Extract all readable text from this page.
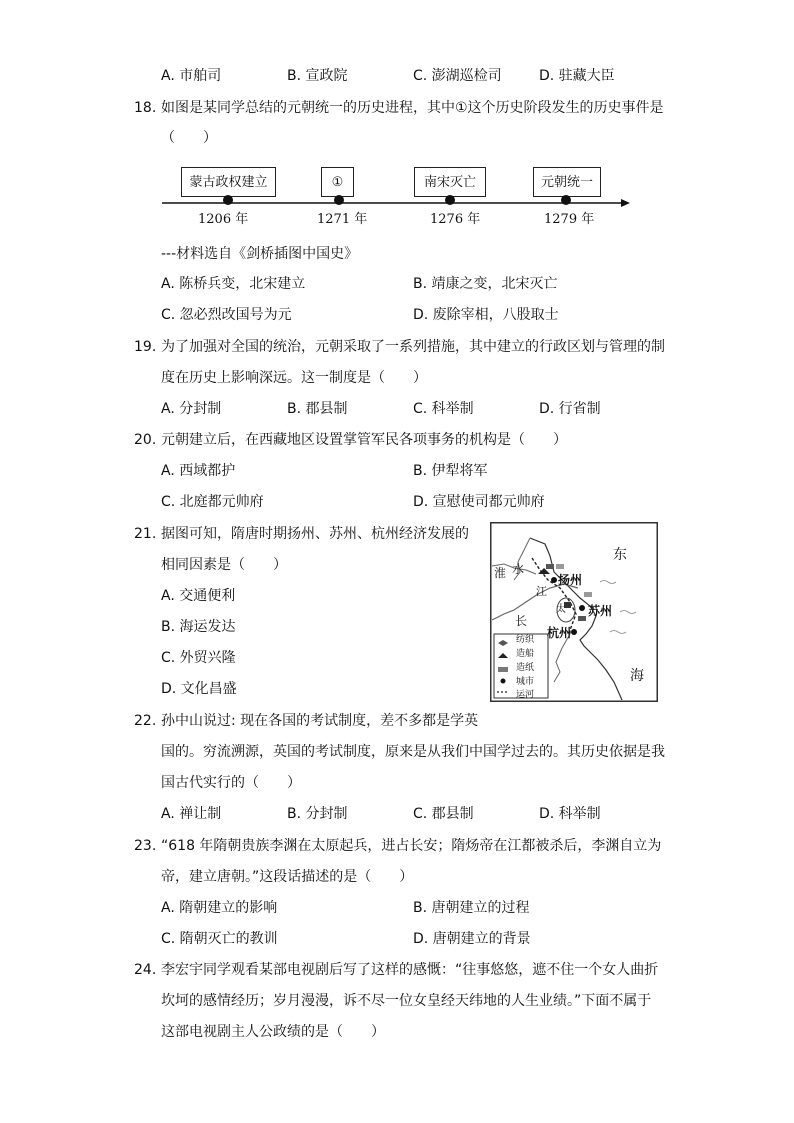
A. 市舶司	B. 宣政院	C. 澎湖巡检司	D. 驻藏大臣
18. 如图是某同学总结的元朝统一的历史进程，其中①这个历史阶段发生的历史事件是
（　　）
蒙古政权建立	①	南宋灭亡	元朝统一
1206 年	1271 年	1276 年	1279 年
---材料选自《剑桥插图中国史》
A. 陈桥兵变，北宋建立	B. 靖康之变，北宋灭亡
C. 忽必烈改国号为元	D. 废除宰相，八股取士
19. 为了加强对全国的统治，元朝采取了一系列措施，其中建立的行政区划与管理的制
度在历史上影响深远。这一制度是（　　）
A. 分封制	B. 郡县制	C. 科举制	D. 行省制
20. 元朝建立后，在西藏地区设置掌管军民各项事务的机构是（　　）
A. 西域都护	B. 伊犁将军
C. 北庭都元帅府	D. 宣慰使司都元帅府
21. 据图可知，隋唐时期扬州、苏州、杭州经济发展的
相同因素是（　　）
A. 交通便利
B. 海运发达
C. 外贸兴隆
D. 文化昌盛
东
海
淮 水
长
江
太
扬州
苏州
杭州
纺织
造船
造纸
城市
运河
22. 孙中山说过: 现在各国的考试制度，差不多都是学英
国的。穷流溯源，英国的考试制度，原来是从我们中国学过去的。其历史依据是我
国古代实行的（　　）
A. 禅让制	B. 分封制	C. 郡县制	D. 科举制
23. “618 年隋朝贵族李渊在太原起兵，进占长安；隋炀帝在江都被杀后，李渊自立为
帝，建立唐朝。”这段话描述的是（　　）
A. 隋朝建立的影响	B. 唐朝建立的过程
C. 隋朝灭亡的教训	D. 唐朝建立的背景
24. 李宏宇同学观看某部电视剧后写了这样的感慨：“往事悠悠，遮不住一个女人曲折
坎坷的感情经历；岁月漫漫，诉不尽一位女皇经天纬地的人生业绩。”下面不属于
这部电视剧主人公政绩的是（　　）
